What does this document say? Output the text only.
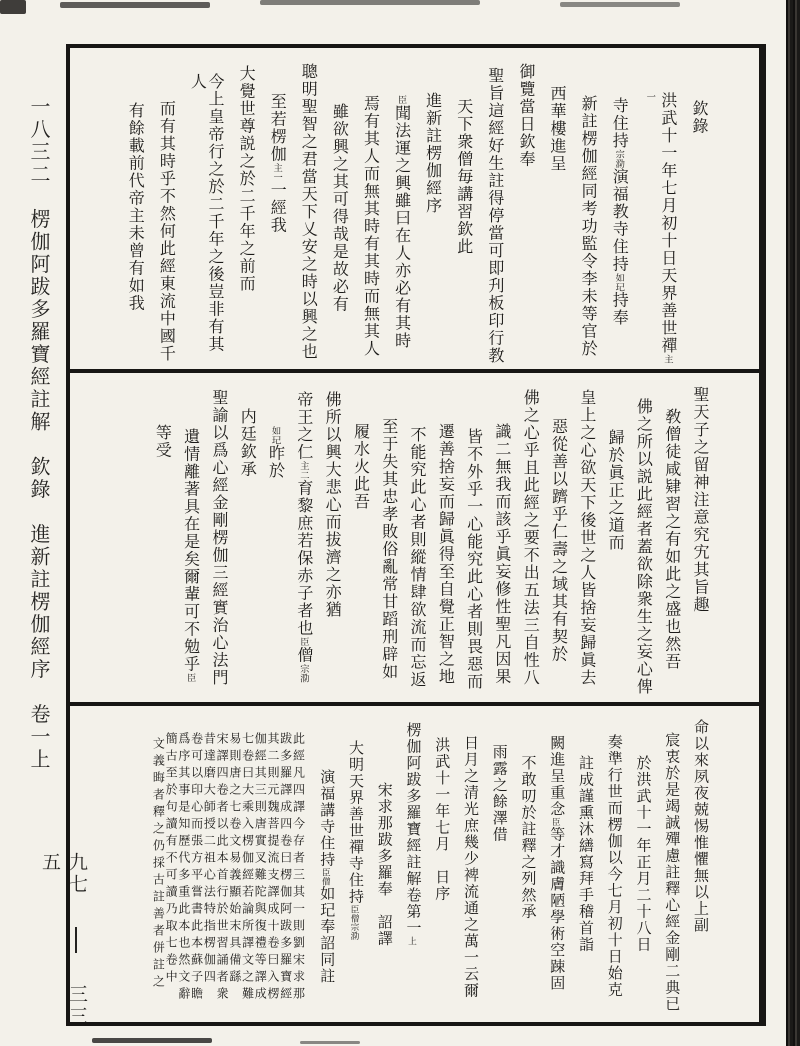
一八三二　楞伽阿跋多羅寶經註解　欽錄　進新註楞伽經序　卷一上
九七  三三五
欽錄
洪武十一年七月初十日天界善世禪主一
寺住持宗泐演福教寺住持如玘持奉
新註楞伽經同考功監令李未等官於
西華樓進呈
御覽當日欽奉
聖旨這經好生註得停當可即刋板印行教
天下衆僧毎講習欽此
進新註楞伽經序
臣聞法運之興雖曰在人亦必有其時
焉有其人而無其時有其時而無其人
雖欲興之其可得哉是故必有
聰明聖智之君當天下乂安之時以興之也
至若楞伽主一一經我
大覺世尊説之於二千年之前而
今上皇帝行之於二千年之後豈非有其人
而有其時乎不然何此經東流中國千
有餘載前代帝主未曾有如我
聖天子之留神注意究宄其旨趣
敎僧徒咸肄習之有如此之盛也然吾
佛之所以説此經者蓋欲除衆生之妄心俾
歸於眞正之道而
皇上之心欲天下後世之人皆捨妄歸眞去
惡從善以躋乎仁壽之域其有契於
佛之心乎且此經之要不出五法三自性八
識二無我而該乎眞妄修性聖凡因果
皆不外乎一心能究此心者則畏惡而
遷善捨妄而歸眞得至自覺正智之地
不能究此心者則縱情肆欲流而忘返
至于失其忠孝敗俗亂常甘蹈刑辟如
履水火此吾
佛所以興大悲心而拔濟之亦猶
帝王之仁主二育黎庶若保赤子者也臣僧宗泐
如玘昨於
内廷欽承
聖諭以爲心經金剛楞伽三經實治心法門
遺情離著具在是矣爾輩可不勉乎臣
等受
命以來夙夜兢惕惟懼無以上副
宸衷於是竭誠殫慮註釋心經金剛二典已
於洪武十一年正月二十八日
奏準行世而楞伽以今七月初十日始克
註成謹熏沐繕寫拜手稽首詣
闕進呈重念臣等才識膚陋學術空踈固
不敢叨於註釋之列然承
雨露之餘澤借
日月之清光庶幾少裨流通之萬一云爾
洪武十一年七月　日序
楞伽阿跋多羅寶經註解卷第一上
宋求那跋多羅奉　詔譯
大明天界善世禪寺住持臣僧宗泐
演福講寺住持臣僧如玘奉詔同註
此經凡四譯今存者三其一則劉宋求那
跋多羅譯成四卷曰楞伽阿跋多羅寶經
其二則元魏菩提流支譯成十卷曰入楞
伽經其三則唐實叉難陀與復禮等譯成
七卷曰大乘入楞伽經若論所譯文之難
易則唐之七卷文易義顯始末具備繇
宋譯四卷者以此本首行於世習誦者衆
昔達磨大師授二祖心法特指楞伽四
卷可以印心而張方平嘗書此本蘇子瞻
爲序其事是知歷代多重此本也然文辭
簡古至於句讀有不可讀乃取七卷中
文義晦者釋之仍採古註善者併註之
